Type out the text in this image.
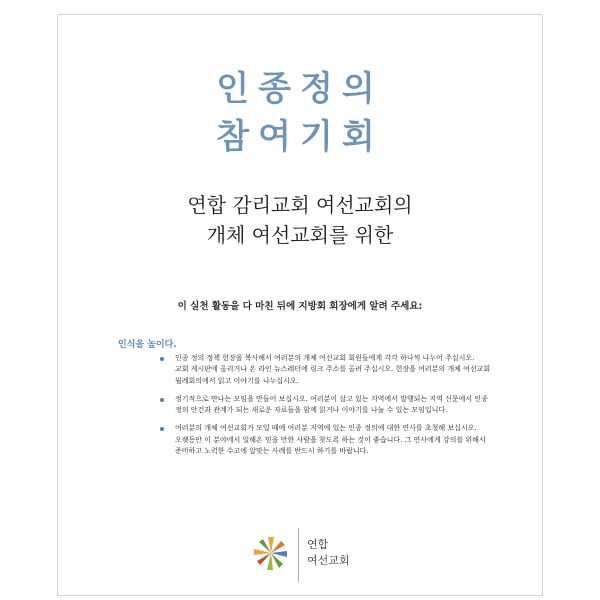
인종정의
참여기회
연합 감리교회 여선교회의
개체 여선교회를 위한
이 실천 활동을 다 마친 뒤에 지방회 회장에게 알려 주세요:
인식을 높이다.
인종 정의 정책 헌장을 복사해서 여러분의 개체 여선교회 회원들에게 각각 하나씩 나누어 주십시오.
교회 게시판에 올리거나 온 라인 뉴스레터에 링크 주소를 올려 주십시오. 헌장을 여러분의 개체 여선교회
월례회의에서 읽고 이야기를 나누십시오.
정기적으로 만나는 모임을 만들어 보십시오. 여러분이 살고 있는 지역에서 발행되는 지역 신문에서 인종
정의 안건과 관계가 되는 새로운 자료들을 함께 읽거나 이야기를 나눌 수 있는 모임입니다.
여러분의 개체 여선교회가 모일 때에 여러분 지역에 있는 인종 정의에 대한 연사를 초청해 보십시오.
오랫동안 이 분야에서 일해온 믿을 만한 사람을 찾도록 하는 것이 좋습니다. 그 연사에게 강의를 위해서
준비하고 노력한 수고에 알맞는 사례를 반드시 하기를 바랍니다.
연합
여선교회
